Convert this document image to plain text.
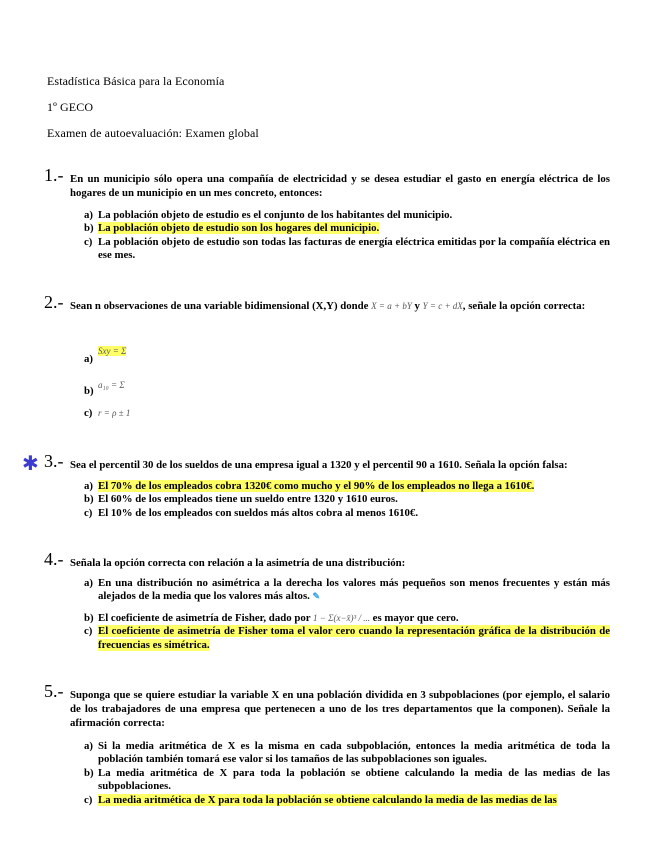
Estadística Básica para la Economía
1º GECO
Examen de autoevaluación: Examen global
1.- En un municipio sólo opera una compañía de electricidad y se desea estudiar el gasto en energía eléctrica de los hogares de un municipio en un mes concreto, entonces:
a) La población objeto de estudio es el conjunto de los habitantes del municipio.
b) La población objeto de estudio son los hogares del municipio.
c) La población objeto de estudio son todas las facturas de energía eléctrica emitidas por la compañía eléctrica en ese mes.
2.- Sean n observaciones de una variable bidimensional (X,Y) donde X = a + bY y Y = c + dX, señale la opción correcta:
a)
Sxy = Σ
b) a₁₀ = Σ
c) r = ρ ± 1
✱ 3.- Sea el percentil 30 de los sueldos de una empresa igual a 1320 y el percentil 90 a 1610. Señala la opción falsa:
a) El 70% de los empleados cobra 1320€ como mucho y el 90% de los empleados no llega a 1610€.
b) El 60% de los empleados tiene un sueldo entre 1320 y 1610 euros.
c) El 10% de los empleados con sueldos más altos cobra al menos 1610€.
4.- Señala la opción correcta con relación a la asimetría de una distribución:
a) En una distribución no asimétrica a la derecha los valores más pequeños son menos frecuentes y están más alejados de la media que los valores más altos. ✎
b) El coeficiente de asimetría de Fisher, dado por 1 − Σ(x−x̄)³ / ... es mayor que cero.
c) El coeficiente de asimetría de Fisher toma el valor cero cuando la representación gráfica de la distribución de frecuencias es simétrica.
5.- Suponga que se quiere estudiar la variable X en una población dividida en 3 subpoblaciones (por ejemplo, el salario de los trabajadores de una empresa que pertenecen a uno de los tres departamentos que la componen). Señale la afirmación correcta:
a) Si la media aritmética de X es la misma en cada subpoblación, entonces la media aritmética de toda la población también tomará ese valor si los tamaños de las subpoblaciones son iguales.
b) La media aritmética de X para toda la población se obtiene calculando la media de las medias de las subpoblaciones.
c) La media aritmética de X para toda la población se obtiene calculando la media de las medias de las
